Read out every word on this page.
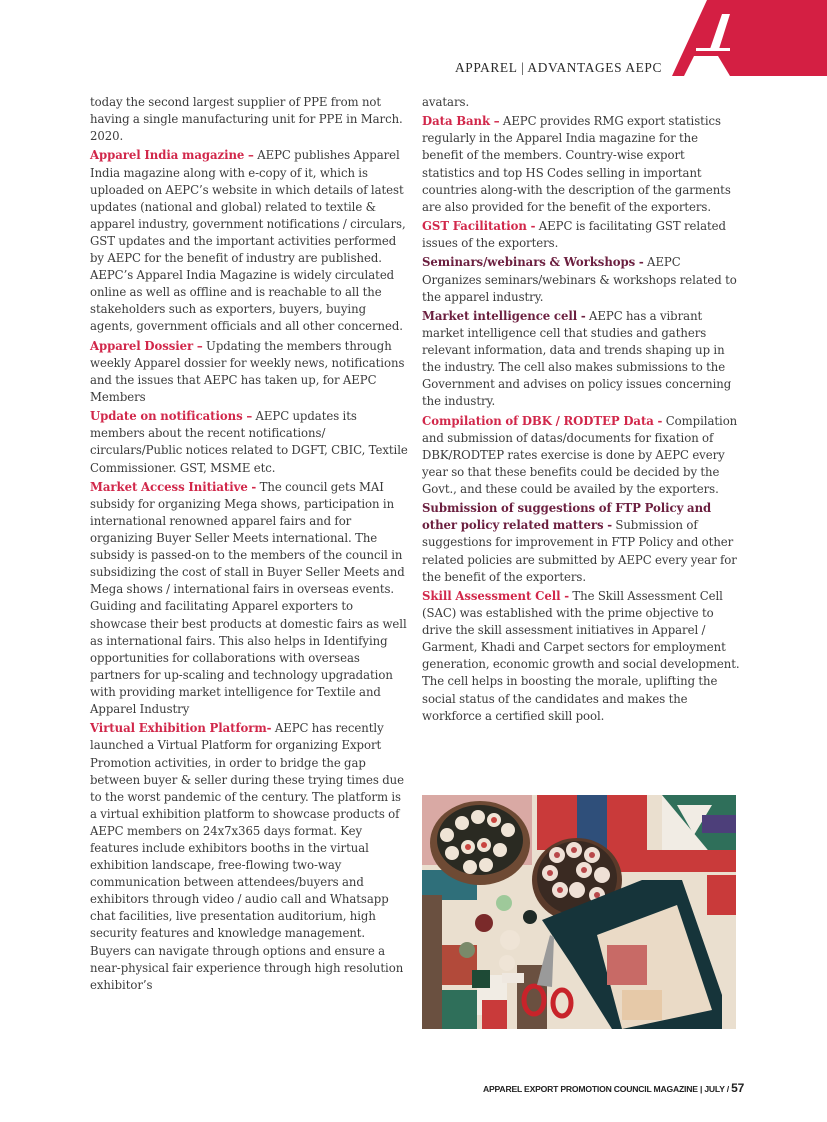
APPAREL | ADVANTAGES AEPC

today the second largest supplier of PPE from not having a single manufacturing unit for PPE in March. 2020.

Apparel India magazine – AEPC publishes Apparel India magazine along with e-copy of it, which is uploaded on AEPC’s website in which details of latest updates (national and global) related to textile & apparel industry, government notifications / circulars, GST updates and the important activities performed by AEPC for the benefit of industry are published. AEPC’s Apparel India Magazine is widely circulated online as well as offline and is reachable to all the stakeholders such as exporters, buyers, buying agents, government officials and all other concerned.

Apparel Dossier – Updating the members through weekly Apparel dossier for weekly news, notifications and the issues that AEPC has taken up, for AEPC Members

Update on notifications – AEPC updates its members about the recent notifications/ circulars/Public notices related to DGFT, CBIC, Textile Commissioner. GST, MSME etc.

Market Access Initiative - The council gets MAI subsidy for organizing Mega shows, participation in international renowned apparel fairs and for organizing Buyer Seller Meets international. The subsidy is passed-on to the members of the council in subsidizing the cost of stall in Buyer Seller Meets and Mega shows / international fairs in overseas events. Guiding and facilitating Apparel exporters to showcase their best products at domestic fairs as well as international fairs. This also helps in Identifying opportunities for collaborations with overseas partners for up-scaling and technology upgradation with providing market intelligence for Textile and Apparel Industry

Virtual Exhibition Platform- AEPC has recently launched a Virtual Platform for organizing Export Promotion activities, in order to bridge the gap between buyer & seller during these trying times due to the worst pandemic of the century. The platform is a virtual exhibition platform to showcase products of AEPC members on 24x7x365 days format. Key features include exhibitors booths in the virtual exhibition landscape, free-flowing two-way communication between attendees/buyers and exhibitors through video / audio call and Whatsapp chat facilities, live presentation auditorium, high security features and knowledge management. Buyers can navigate through options and ensure a near-physical fair experience through high resolution exhibitor’s

avatars.

Data Bank – AEPC provides RMG export statistics regularly in the Apparel India magazine for the benefit of the members. Country-wise export statistics and top HS Codes selling in important countries along-with the description of the garments are also provided for the benefit of the exporters.

GST Facilitation - AEPC is facilitating GST related issues of the exporters.

Seminars/webinars & Workshops - AEPC Organizes seminars/webinars & workshops related to the apparel industry.

Market intelligence cell - AEPC has a vibrant market intelligence cell that studies and gathers relevant information, data and trends shaping up in the industry. The cell also makes submissions to the Government and advises on policy issues concerning the industry.

Compilation of DBK / RODTEP Data - Compilation and submission of datas/documents for fixation of DBK/RODTEP rates exercise is done by AEPC every year so that these benefits could be decided by the Govt., and these could be availed by the exporters.

Submission of suggestions of FTP Policy and other policy related matters - Submission of suggestions for improvement in FTP Policy and other related policies are submitted by AEPC every year for the benefit of the exporters.

Skill Assessment Cell - The Skill Assessment Cell (SAC) was established with the prime objective to drive the skill assessment initiatives in Apparel / Garment, Khadi and Carpet sectors for employment generation, economic growth and social development. The cell helps in boosting the morale, uplifting the social status of the candidates and makes the workforce a certified skill pool.

APPAREL EXPORT PROMOTION COUNCIL MAGAZINE | JULY / 57
